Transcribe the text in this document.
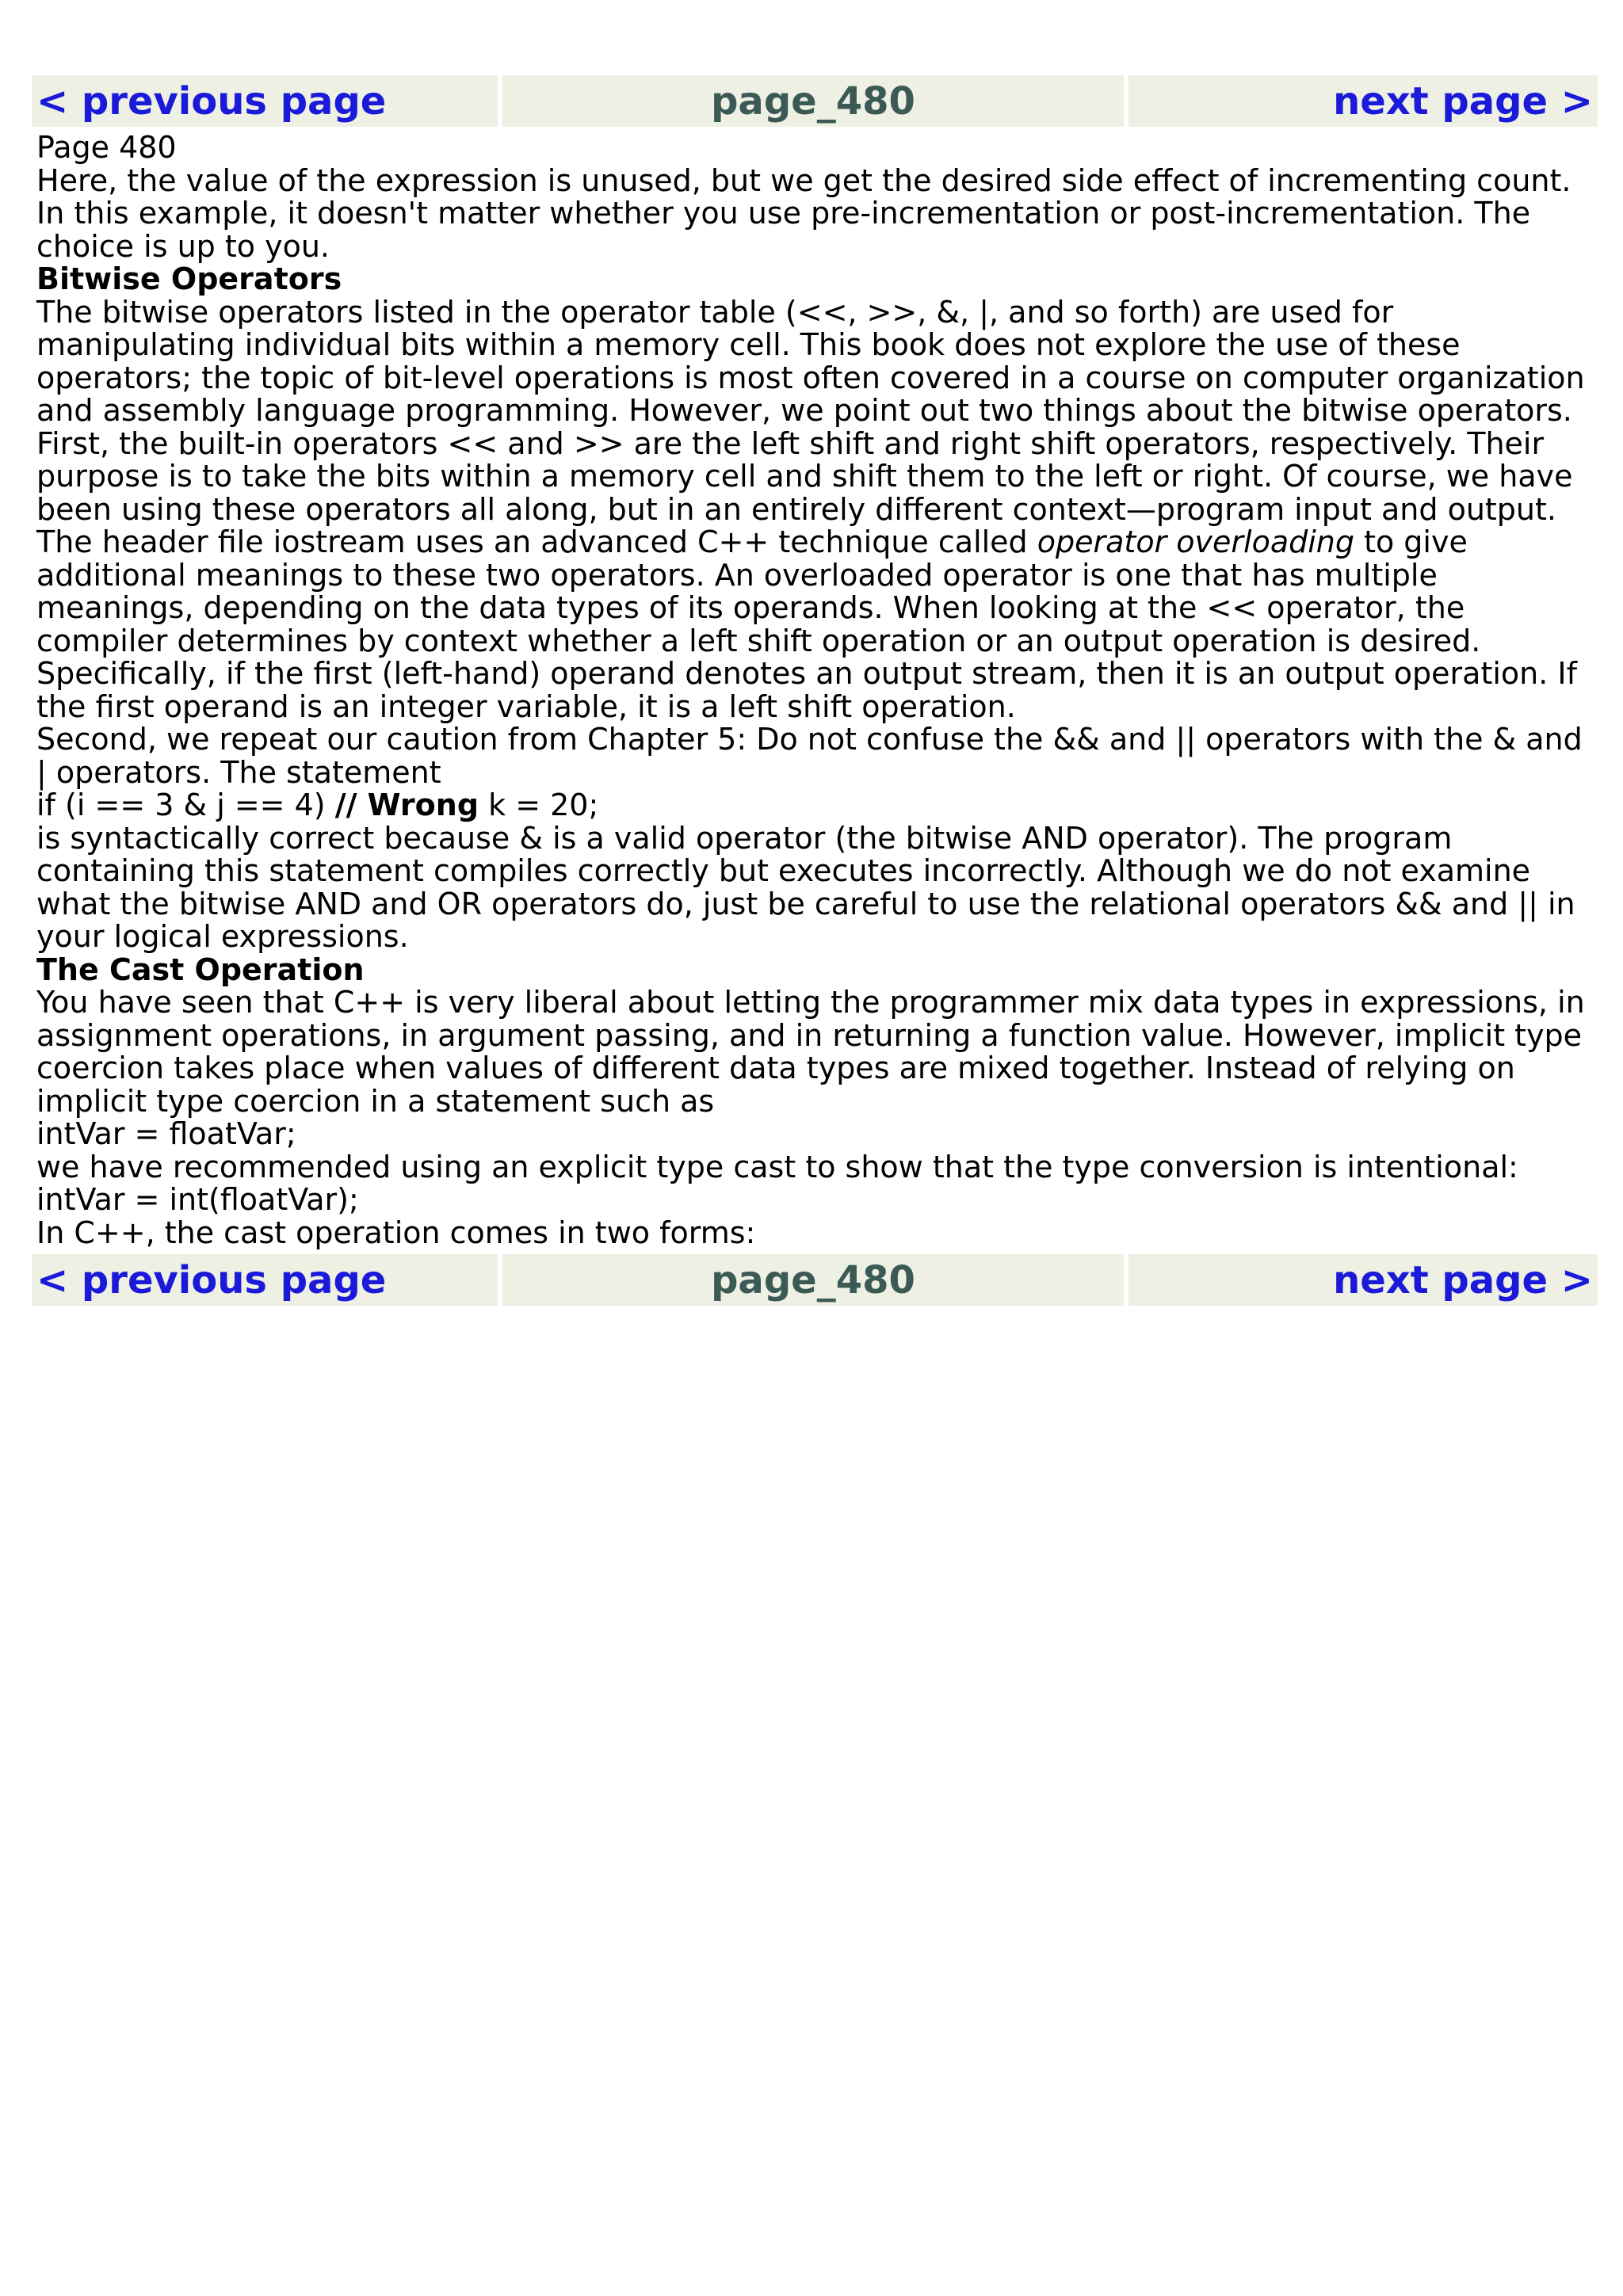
< previous page	page_480	next page >

Page 480

Here, the value of the expression is unused, but we get the desired side effect of incrementing count. In this example, it doesn't matter whether you use pre-incrementation or post-incrementation. The choice is up to you.

Bitwise Operators

The bitwise operators listed in the operator table (<<, >>, &, |, and so forth) are used for manipulating individual bits within a memory cell. This book does not explore the use of these operators; the topic of bit-level operations is most often covered in a course on computer organization and assembly language programming. However, we point out two things about the bitwise operators.

First, the built-in operators << and >> are the left shift and right shift operators, respectively. Their purpose is to take the bits within a memory cell and shift them to the left or right. Of course, we have been using these operators all along, but in an entirely different context—program input and output. The header file iostream uses an advanced C++ technique called operator overloading to give additional meanings to these two operators. An overloaded operator is one that has multiple meanings, depending on the data types of its operands. When looking at the << operator, the compiler determines by context whether a left shift operation or an output operation is desired. Specifically, if the first (left-hand) operand denotes an output stream, then it is an output operation. If the first operand is an integer variable, it is a left shift operation.

Second, we repeat our caution from Chapter 5: Do not confuse the && and || operators with the & and | operators. The statement

if (i == 3 & j == 4) // Wrong k = 20;

is syntactically correct because & is a valid operator (the bitwise AND operator). The program containing this statement compiles correctly but executes incorrectly. Although we do not examine what the bitwise AND and OR operators do, just be careful to use the relational operators && and || in your logical expressions.

The Cast Operation

You have seen that C++ is very liberal about letting the programmer mix data types in expressions, in assignment operations, in argument passing, and in returning a function value. However, implicit type coercion takes place when values of different data types are mixed together. Instead of relying on implicit type coercion in a statement such as

intVar = floatVar;

we have recommended using an explicit type cast to show that the type conversion is intentional:

intVar = int(floatVar);

In C++, the cast operation comes in two forms:

< previous page	page_480	next page >
